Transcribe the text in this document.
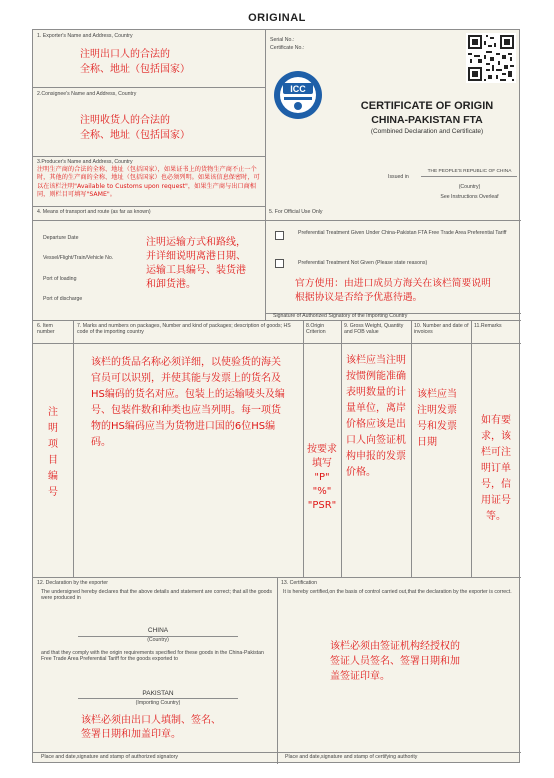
ORIGINAL
1. Exporter's Name and Address, Country
注明出口人的合法的
全称、地址（包括国家）
Serial No.:
Certificate No.:
ICC
CERTIFICATE OF ORIGIN
CHINA-PAKISTAN FTA
(Combined Declaration and Certificate)
2.Consignee's Name and Address, Country
注明收货人的合法的
全称、地址（包括国家）
3.Producer's Name and Address, Country
注明生产商的合法的全称、地址（包括国家），如果证书上的货物生产商不止一个时，其他的生产商的全称、地址（包括国家）也必须列明。如果该信息保密时，可以在该栏注明"Available to Customs upon request"，如果生产商与出口商相同，则栏目可填写"SAME"。
Issued in
THE PEOPLE'S REPUBLIC OF CHINA
(Country)
See Instructions Overleaf
4. Means of transport and route (as far as known)
Departure Date
Vessel/Flight/Train/Vehicle No.
Port of loading
Port of discharge
注明运输方式和路线，
并详细说明离港日期、
运输工具编号、装货港
和卸货港。
5. For Official Use Only
Preferential Treatment Given Under China-Pakistan FTA Free Trade Area Preferential Tariff
Preferential Treatment Not Given (Please state reasons)
官方使用：由进口成员方海关在该栏简要说明
根据协议是否给予优惠待遇。
Signature of Authorized Signatory of the Importing Country
6. Item number
7. Marks and numbers on packages, Number and kind of packages; description of goods; HS code of the importing country
8.Origin Criterion
9. Gross Weight, Quantity and FOB value
10. Number and date of invoices
11.Remarks
注明项目编号
该栏的货品名称必须详细，以使验货的海关官员可以识别，并使其能与发票上的货名及HS编码的货名对应。包装上的运输唛头及编号、包装件数和种类也应当列明。每一项货物的HS编码应当为货物进口国的6位HS编码。
按要求
填写
"P"
"%"
"PSR"
该栏应当注明按惯例能准确表明数量的计量单位，离岸价格应该是出口人向签证机构申报的发票价格。
该栏应当
注明发票
号和发票
日期
如有要
求，该
栏可注
明订单
号，信
用证号
等。
12. Declaration by the exporter
The undersigned hereby declares that the above details and statement are correct; that all the goods were produced in
CHINA
(Country)
and that they comply with the origin requirements specified for these goods in the China-Pakistan Free Trade Area Preferential Tariff for the goods exported to
PAKISTAN
(Importing Country)
该栏必须由出口人填制、签名、
签署日期和加盖印章。
Place and date,signature and stamp of authorized signatory
13. Certification
It is hereby certified,on the basis of control carried out,that the declaration by the exporter is correct.
该栏必须由签证机构经授权的
签证人员签名、签署日期和加
盖签证印章。
Place and date,signature and stamp of certifying authority
